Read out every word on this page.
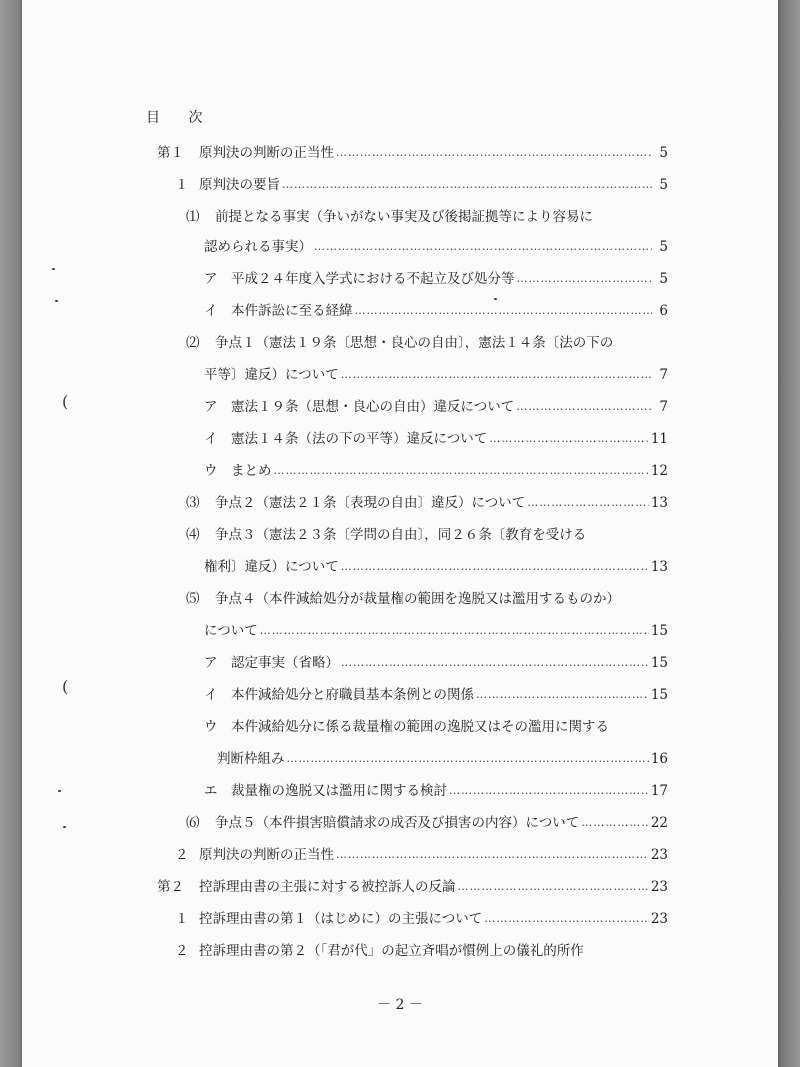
目 次
第１ 原判決の判断の正当性 ……………………………………………………………………………………………………………………………………………………………………………………………………………	5
１ 原判決の要旨 ……………………………………………………………………………………………………………………………………………………………………………………………………………	5
⑴ 前提となる事実（争いがない事実及び後掲証拠等により容易に
認められる事実） ……………………………………………………………………………………………………………………………………………………………………………………………………………	5
ア 平成２４年度入学式における不起立及び処分等 ……………………………………………………………………………………………………………………………………………………………………………………………………………	5
イ 本件訴訟に至る経緯 ……………………………………………………………………………………………………………………………………………………………………………………………………………	6
⑵ 争点１（憲法１９条〔思想・良心の自由〕，憲法１４条〔法の下の
平等〕違反）について ……………………………………………………………………………………………………………………………………………………………………………………………………………	7
ア 憲法１９条（思想・良心の自由）違反について ……………………………………………………………………………………………………………………………………………………………………………………………………………	7
イ 憲法１４条（法の下の平等）違反について ……………………………………………………………………………………………………………………………………………………………………………………………………………	11
ウ まとめ ……………………………………………………………………………………………………………………………………………………………………………………………………………	12
⑶ 争点２（憲法２１条〔表現の自由〕違反）について ……………………………………………………………………………………………………………………………………………………………………………………………………………	13
⑷ 争点３（憲法２３条〔学問の自由〕，同２６条〔教育を受ける
権利〕違反）について ……………………………………………………………………………………………………………………………………………………………………………………………………………	13
⑸ 争点４（本件減給処分が裁量権の範囲を逸脱又は濫用するものか）
について ……………………………………………………………………………………………………………………………………………………………………………………………………………	15
ア 認定事実（省略） ……………………………………………………………………………………………………………………………………………………………………………………………………………	15
イ 本件減給処分と府職員基本条例との関係 ……………………………………………………………………………………………………………………………………………………………………………………………………………	15
ウ 本件減給処分に係る裁量権の範囲の逸脱又はその濫用に関する
判断枠組み ……………………………………………………………………………………………………………………………………………………………………………………………………………	16
エ 裁量権の逸脱又は濫用に関する検討 ……………………………………………………………………………………………………………………………………………………………………………………………………………	17
⑹ 争点５（本件損害賠償請求の成否及び損害の内容）について ……………………………………………………………………………………………………………………………………………………………………………………………………………	22
２ 原判決の判断の正当性 ……………………………………………………………………………………………………………………………………………………………………………………………………………	23
第２ 控訴理由書の主張に対する被控訴人の反論 ……………………………………………………………………………………………………………………………………………………………………………………………………………	23
１ 控訴理由書の第１（はじめに）の主張について ……………………………………………………………………………………………………………………………………………………………………………………………………………	23
２ 控訴理由書の第２（「君が代」の起立斉唱が慣例上の儀礼的所作
(
(
－ 2 －
